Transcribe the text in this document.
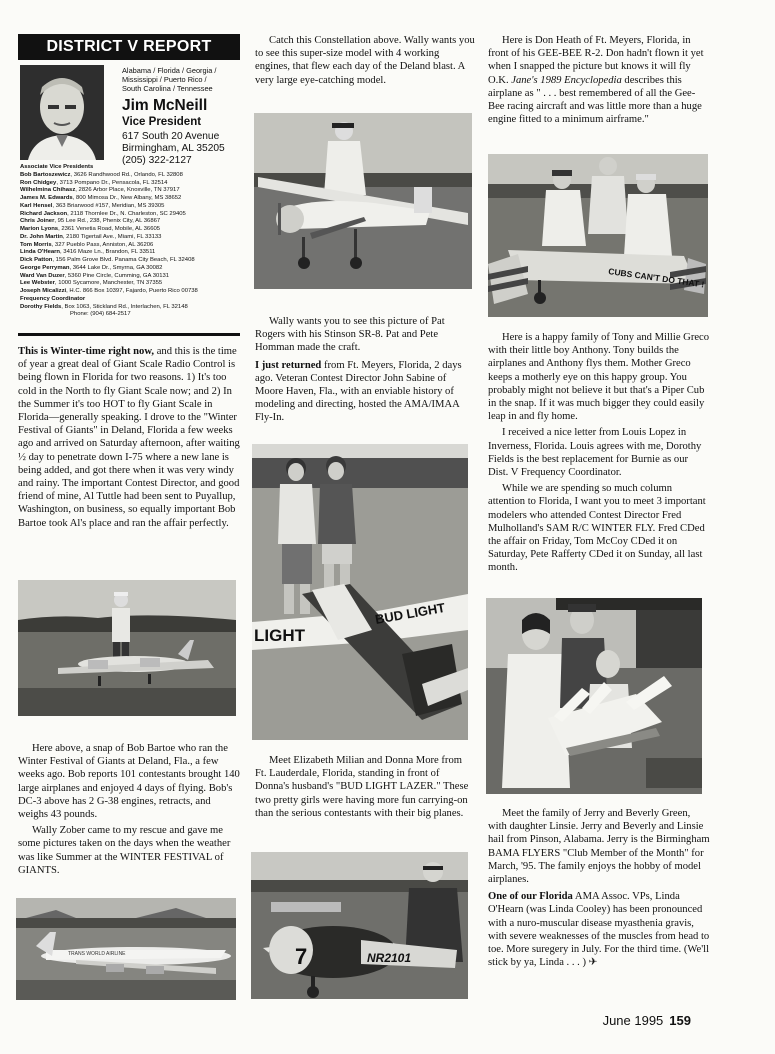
DISTRICT V REPORT
Alabama / Florida / Georgia /
Mississippi / Puerto Rico /
South Carolina / Tennessee
Jim McNeill
Vice President
617 South 20 Avenue
Birmingham, AL 35205
(205) 322-2127
Associate Vice Presidents
Bob Bartoszewicz, 3626 Randhwood Rd., Orlando, FL 32808
Ron Chidgey, 3713 Pompano Dr., Pensacola, FL 32514
Wilhelmina Chihasz, 2826 Arbor Place, Knoxville, TN 37917
James M. Edwards, 800 Mimosa Dr., New Albany, MS 38652
Karl Hensel, 363 Briarwood #157, Meridian, MS 39305
Richard Jackson, 2118 Thornlee Dr., N. Charleston, SC 29405
Chris Joiner, 95 Lee Rd., 238, Phenix City, AL 36867
Marion Lyons, 2361 Venetia Road, Mobile, AL 36605
Dr. John Martin, 2180 Tigertail Ave., Miami, FL 33133
Tom Morris, 327 Pueblo Pass, Anniston, AL 36206
Linda O'Hearn, 3416 Maze Ln., Brandon, FL 33511
Dick Patton, 156 Palm Grove Blvd. Panama City Beach, FL 32408
George Perryman, 3644 Lake Dr., Smyrna, GA 30082
Ward Van Duzer, 5360 Pine Circle, Cumming, GA 30131
Lee Webster, 1000 Sycamore, Manchester, TN 37355
Joseph Micalizzi, H.C. 866 Box 10397, Fajardo, Puerto Rico 00738
Frequency Coordinator
Dorothy Fields, Box 1063, Stickland Rd., Interlachen, FL 32148
Phone: (904) 684-2517

This is Winter-time right now, and this is the time of year a great deal of Giant Scale Radio Control is being flown in Florida for two reasons. 1) It's too cold in the North to fly Giant Scale now; and 2) In the Summer it's too HOT to fly Giant Scale in Florida—generally speaking. I drove to the "Winter Festival of Giants" in Deland, Florida a few weeks ago and arrived on Saturday afternoon, after waiting ½ day to penetrate down I-75 where a new lane is being added, and got there when it was very windy and rainy. The important Contest Director, and good friend of mine, Al Tuttle had been sent to Puyallup, Washington, on business, so equally important Bob Bartoe took Al's place and ran the affair perfectly.

Here above, a snap of Bob Bartoe who ran the Winter Festival of Giants at Deland, Fla., a few weeks ago. Bob reports 101 contestants brought 140 large airplanes and enjoyed 4 days of flying. Bob's DC-3 above has 2 G-38 engines, retracts, and weighs 43 pounds.

Wally Zober came to my rescue and gave me some pictures taken on the days when the weather was like Summer at the WINTER FESTIVAL of GIANTS.

TRANS WORLD AIRLINE

Catch this Constellation above. Wally wants you to see this super-size model with 4 working engines, that flew each day of the Deland blast. A very large eye-catching model.

Wally wants you to see this picture of Pat Rogers with his Stinson SR-8. Pat and Pete Homman made the craft.

I just returned from Ft. Meyers, Florida, 2 days ago. Veteran Contest Director John Sabine of Moore Haven, Fla., with an enviable history of modeling and directing, hosted the AMA/IMAA Fly-In.

LIGHT
BUD LIGHT

Meet Elizabeth Milian and Donna More from Ft. Lauderdale, Florida, standing in front of Donna's husband's "BUD LIGHT LAZER." These two pretty girls were having more fun carrying-on than the serious contestants with their big planes.

7	NR2101

Here is Don Heath of Ft. Meyers, Florida, in front of his GEE-BEE R-2. Don hadn't flown it yet when I snapped the picture but knows it will fly O.K. Jane's 1989 Encyclopedia describes this airplane as " . . . best remembered of all the Gee-Bee racing aircraft and was little more than a huge engine fitted to a minimum airframe."

CUBS CAN'T DO THAT !

Here is a happy family of Tony and Millie Greco with their little boy Anthony. Tony builds the airplanes and Anthony flys them. Mother Greco keeps a motherly eye on this happy group. You probably might not believe it but that's a Piper Cub in the snap. If it was much bigger they could easily leap in and fly home.

I received a nice letter from Louis Lopez in Inverness, Florida. Louis agrees with me, Dorothy Fields is the best replacement for Burnie as our Dist. V Frequency Coordinator.

While we are spending so much column attention to Florida, I want you to meet 3 important modelers who attended Contest Director Fred Mulholland's SAM R/C WINTER FLY. Fred CDed the affair on Friday, Tom McCoy CDed it on Saturday, Pete Rafferty CDed it on Sunday, all last month.

Meet the family of Jerry and Beverly Green, with daughter Linsie. Jerry and Beverly and Linsie hail from Pinson, Alabama. Jerry is the Birmingham BAMA FLYERS "Club Member of the Month" for March, '95. The family enjoys the hobby of model airplanes.

One of our Florida AMA Assoc. VPs, Linda O'Hearn (was Linda Cooley) has been pronounced with a nuro-muscular disease myasthenia gravis, with severe weaknesses of the muscles from head to toe. More suregery in July. For the third time. (We'll stick by ya, Linda . . . ) ✈

June 1995 159
